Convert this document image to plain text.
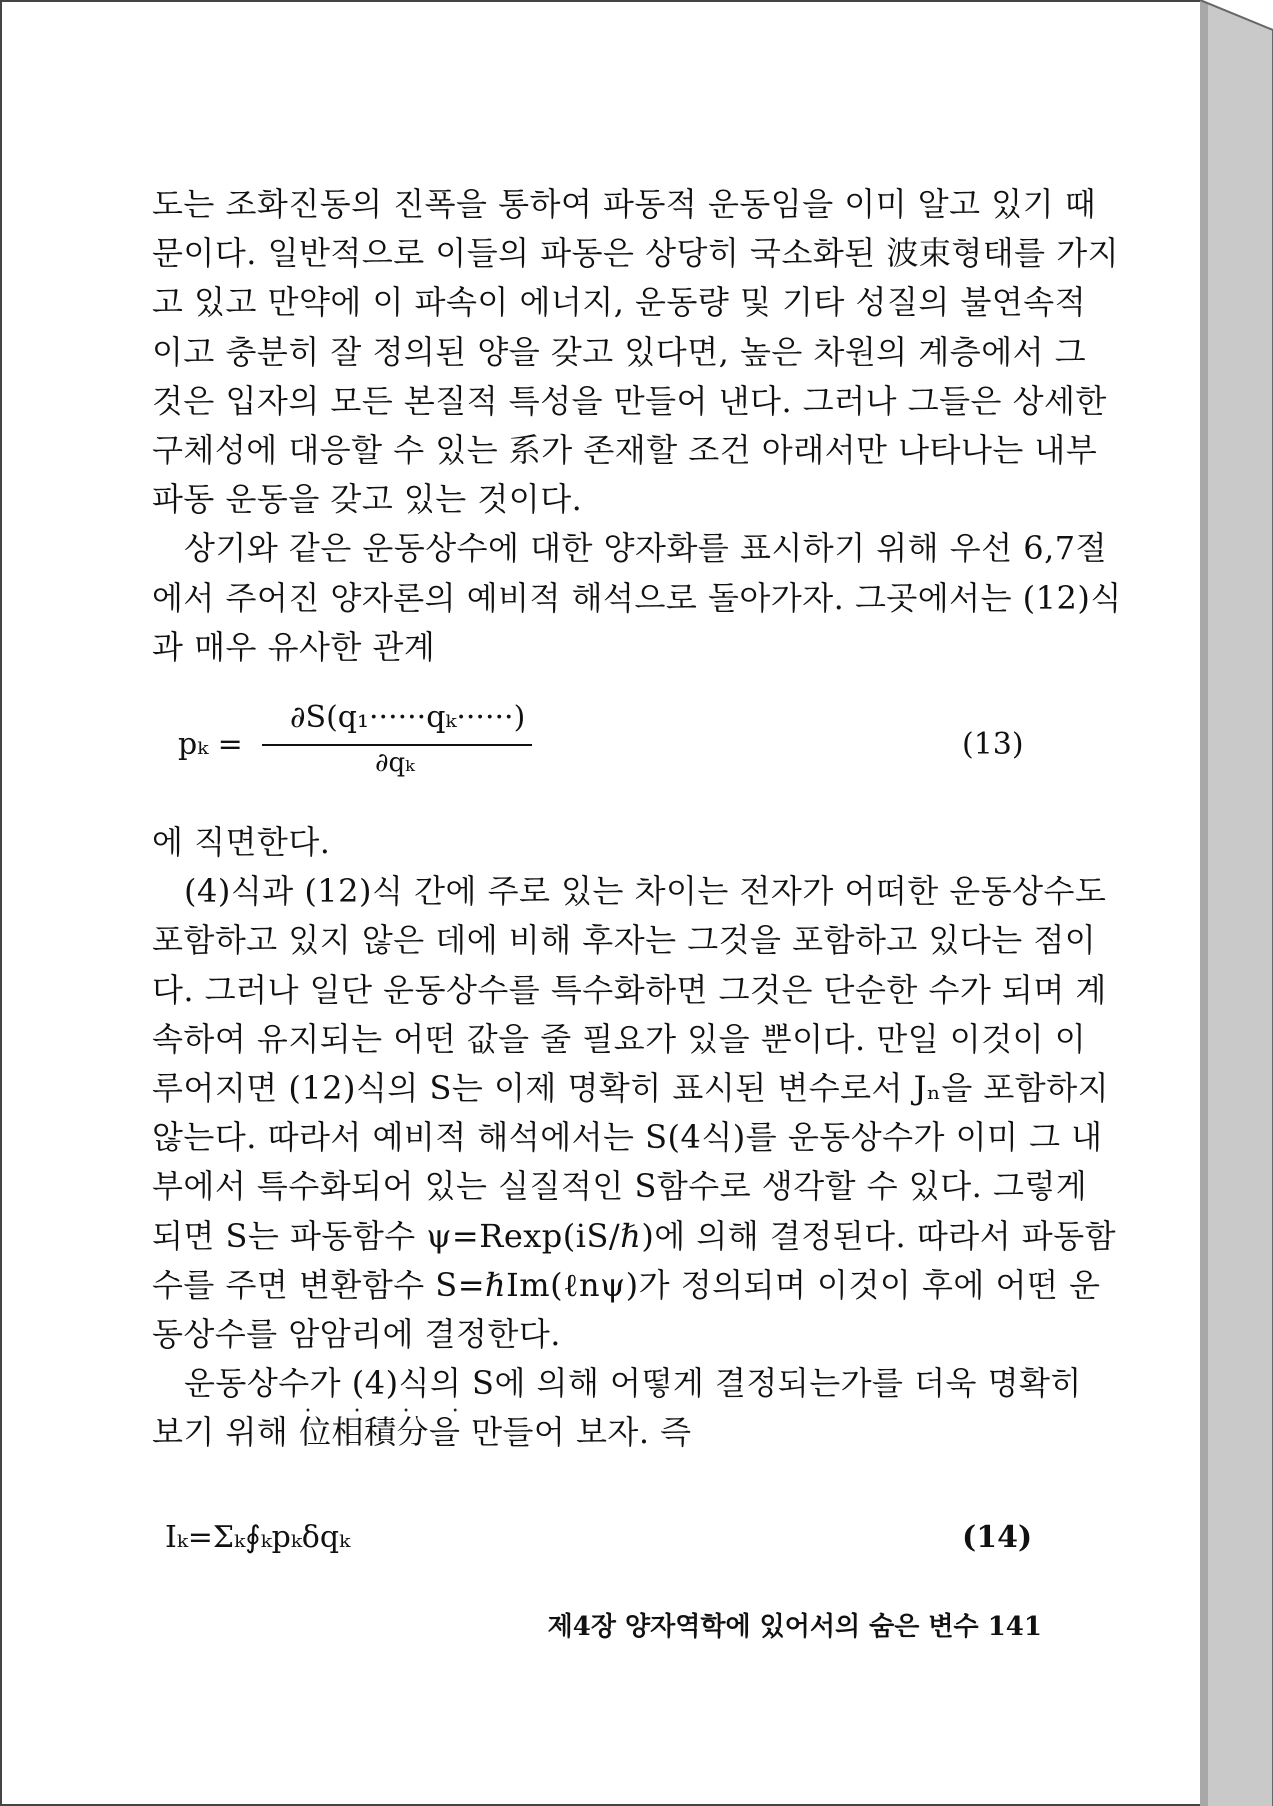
도는 조화진동의 진폭을 통하여 파동적 운동임을 이미 알고 있기 때
문이다. 일반적으로 이들의 파동은 상당히 국소화된 波束형태를 가지
고 있고 만약에 이 파속이 에너지, 운동량 및 기타 성질의 불연속적
이고 충분히 잘 정의된 양을 갖고 있다면, 높은 차원의 계층에서 그
것은 입자의 모든 본질적 특성을 만들어 낸다. 그러나 그들은 상세한
구체성에 대응할 수 있는 系가 존재할 조건 아래서만 나타나는 내부
파동 운동을 갖고 있는 것이다.
상기와 같은 운동상수에 대한 양자화를 표시하기 위해 우선 6,7절
에서 주어진 양자론의 예비적 해석으로 돌아가자. 그곳에서는 (12)식
과 매우 유사한 관계
pₖ =
∂S(q₁······qₖ······)
∂qₖ
(13)
에 직면한다.
(4)식과 (12)식 간에 주로 있는 차이는 전자가 어떠한 운동상수도
포함하고 있지 않은 데에 비해 후자는 그것을 포함하고 있다는 점이
다. 그러나 일단 운동상수를 특수화하면 그것은 단순한 수가 되며 계
속하여 유지되는 어떤 값을 줄 필요가 있을 뿐이다. 만일 이것이 이
루어지면 (12)식의 S는 이제 명확히 표시된 변수로서 Jₙ을 포함하지
않는다. 따라서 예비적 해석에서는 S(4식)를 운동상수가 이미 그 내
부에서 특수화되어 있는 실질적인 S함수로 생각할 수 있다. 그렇게
되면 S는 파동함수 ψ=Rexp(iS/ℏ)에 의해 결정된다. 따라서 파동함
수를 주면 변환함수 S=ℏIm(ℓnψ)가 정의되며 이것이 후에 어떤 운
동상수를 암암리에 결정한다.
운동상수가 (4)식의 S에 의해 어떻게 결정되는가를 더욱 명확히
보기 위해 • • • • 位相積分을 만들어 보자. 즉
Iₖ=Σₖ∮ₖpₖδqₖ	(14)
제4장 양자역학에 있어서의 숨은 변수 141
